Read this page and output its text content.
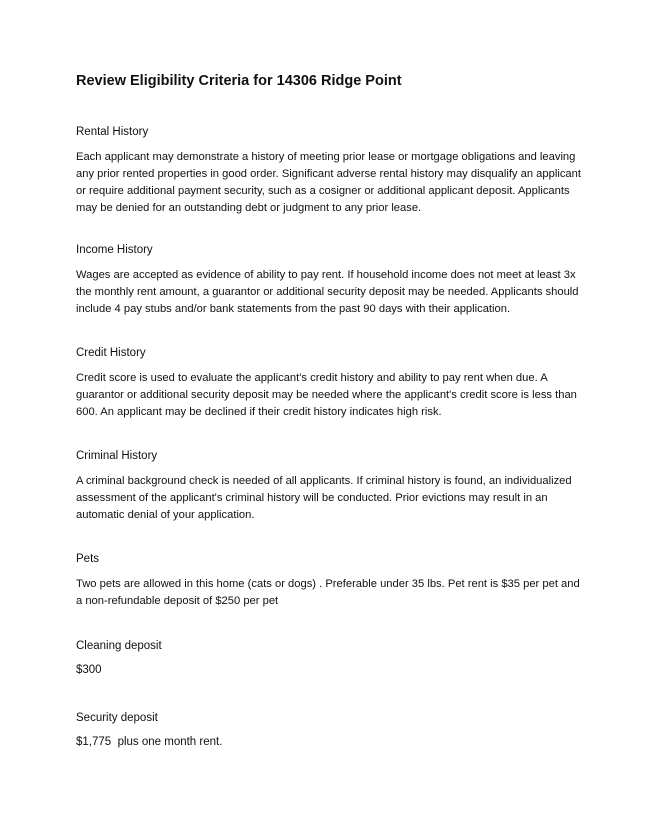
Review Eligibility Criteria for 14306 Ridge Point
Rental History

Each applicant may demonstrate a history of meeting prior lease or mortgage obligations and leaving any prior rented properties in good order. Significant adverse rental history may disqualify an applicant or require additional payment security, such as a cosigner or additional applicant deposit. Applicants may be denied for an outstanding debt or judgment to any prior lease.

Income History

Wages are accepted as evidence of ability to pay rent. If household income does not meet at least 3x the monthly rent amount, a guarantor or additional security deposit may be needed. Applicants should include 4 pay stubs and/or bank statements from the past 90 days with their application.

Credit History

Credit score is used to evaluate the applicant's credit history and ability to pay rent when due. A guarantor or additional security deposit may be needed where the applicant's credit score is less than 600. An applicant may be declined if their credit history indicates high risk.

Criminal History

A criminal background check is needed of all applicants. If criminal history is found, an individualized assessment of the applicant's criminal history will be conducted. Prior evictions may result in an automatic denial of your application.

Pets

Two pets are allowed in this home (cats or dogs) . Preferable under 35 lbs. Pet rent is $35 per pet and a non-refundable deposit of $250 per pet

Cleaning deposit

$300

Security deposit

$1,775  plus one month rent.
